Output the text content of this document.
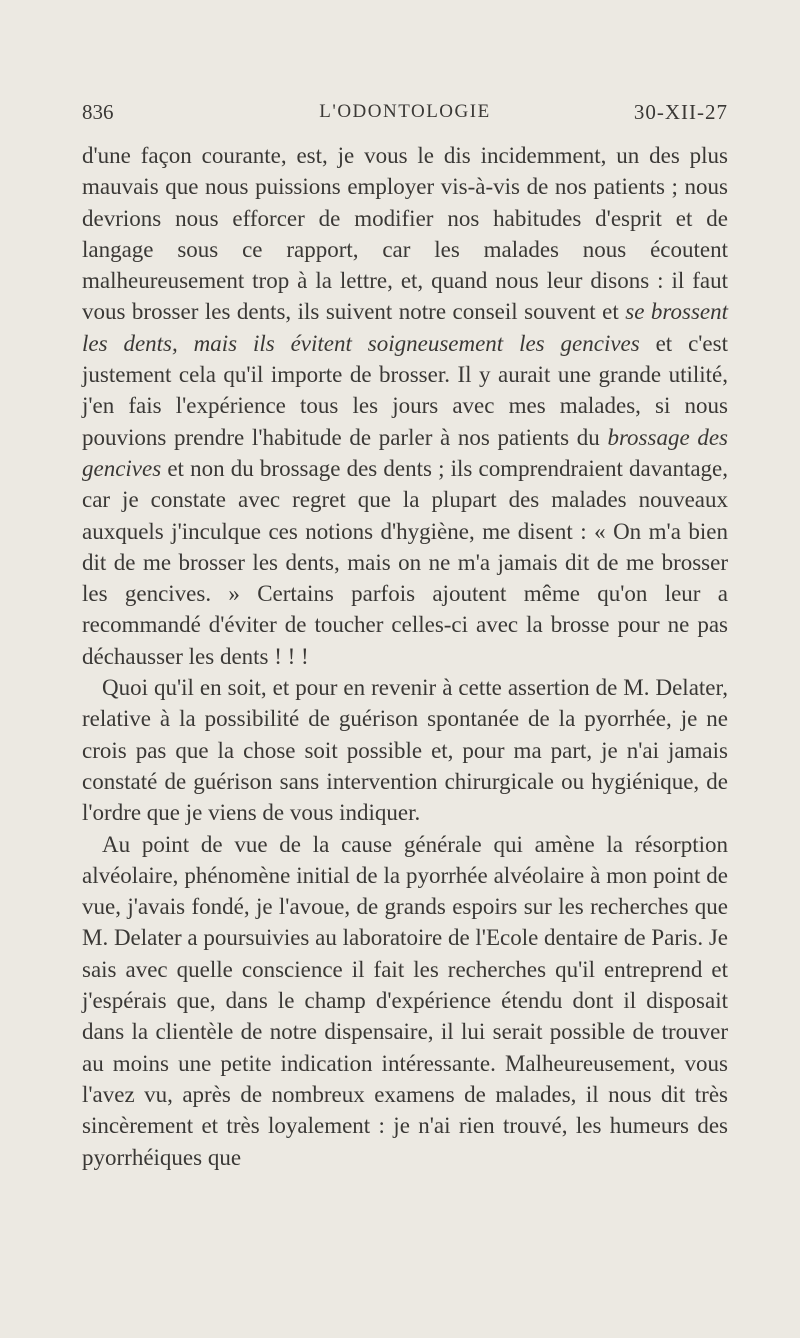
836	L'ODONTOLOGIE	30-XII-27

d'une façon courante, est, je vous le dis incidemment, un des plus mauvais que nous puissions employer vis-à-vis de nos patients ; nous devrions nous efforcer de modifier nos habitudes d'esprit et de langage sous ce rapport, car les malades nous écoutent malheureusement trop à la lettre, et, quand nous leur disons : il faut vous brosser les dents, ils suivent notre conseil souvent et se brossent les dents, mais ils évitent soigneusement les gencives et c'est justement cela qu'il importe de brosser. Il y aurait une grande utilité, j'en fais l'expérience tous les jours avec mes malades, si nous pouvions prendre l'habitude de parler à nos patients du brossage des gencives et non du brossage des dents ; ils comprendraient davantage, car je constate avec regret que la plupart des malades nouveaux auxquels j'inculque ces notions d'hygiène, me disent : « On m'a bien dit de me brosser les dents, mais on ne m'a jamais dit de me brosser les gencives. » Certains parfois ajoutent même qu'on leur a recommandé d'éviter de toucher celles-ci avec la brosse pour ne pas déchausser les dents ! ! !

Quoi qu'il en soit, et pour en revenir à cette assertion de M. Delater, relative à la possibilité de guérison spontanée de la pyorrhée, je ne crois pas que la chose soit possible et, pour ma part, je n'ai jamais constaté de guérison sans intervention chirurgicale ou hygiénique, de l'ordre que je viens de vous indiquer.

Au point de vue de la cause générale qui amène la résorption alvéolaire, phénomène initial de la pyorrhée alvéolaire à mon point de vue, j'avais fondé, je l'avoue, de grands espoirs sur les recherches que M. Delater a poursuivies au laboratoire de l'Ecole dentaire de Paris. Je sais avec quelle conscience il fait les recherches qu'il entreprend et j'espérais que, dans le champ d'expérience étendu dont il disposait dans la clientèle de notre dispensaire, il lui serait possible de trouver au moins une petite indication intéressante. Malheureusement, vous l'avez vu, après de nombreux examens de malades, il nous dit très sincèrement et très loyalement : je n'ai rien trouvé, les humeurs des pyorrhéiques que
